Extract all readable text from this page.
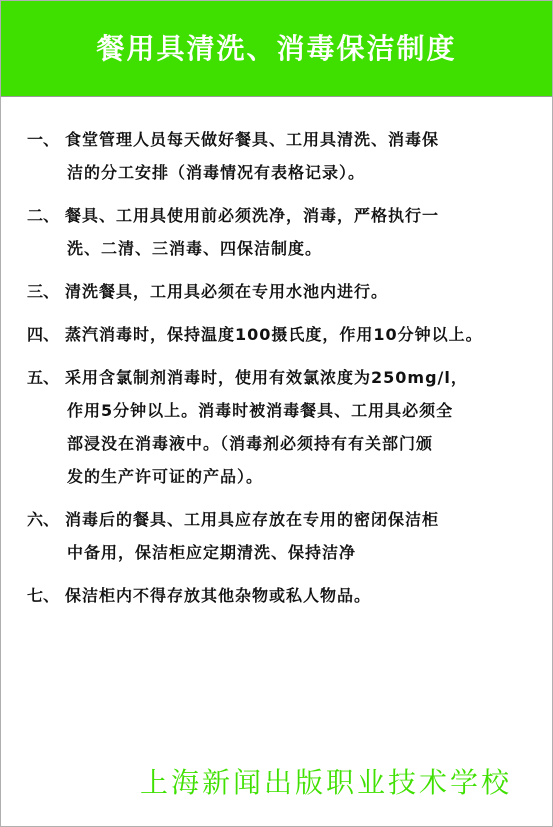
餐用具清洗、消毒保洁制度
一、 食堂管理人员每天做好餐具、工用具清洗、消毒保
洁的分工安排（消毒情况有表格记录）。
二、 餐具、工用具使用前必须洗净，消毒，严格执行一
洗、二清、三消毒、四保洁制度。
三、 清洗餐具，工用具必须在专用水池内进行。
四、 蒸汽消毒时，保持温度100摄氏度，作用10分钟以上。
五、 采用含氯制剂消毒时，使用有效氯浓度为250mg/l，
作用5分钟以上。消毒时被消毒餐具、工用具必须全
部浸没在消毒液中。（消毒剂必须持有有关部门颁
发的生产许可证的产品）。
六、 消毒后的餐具、工用具应存放在专用的密闭保洁柜
中备用，保洁柜应定期清洗、保持洁净
七、 保洁柜内不得存放其他杂物或私人物品。
上海新闻出版职业技术学校
